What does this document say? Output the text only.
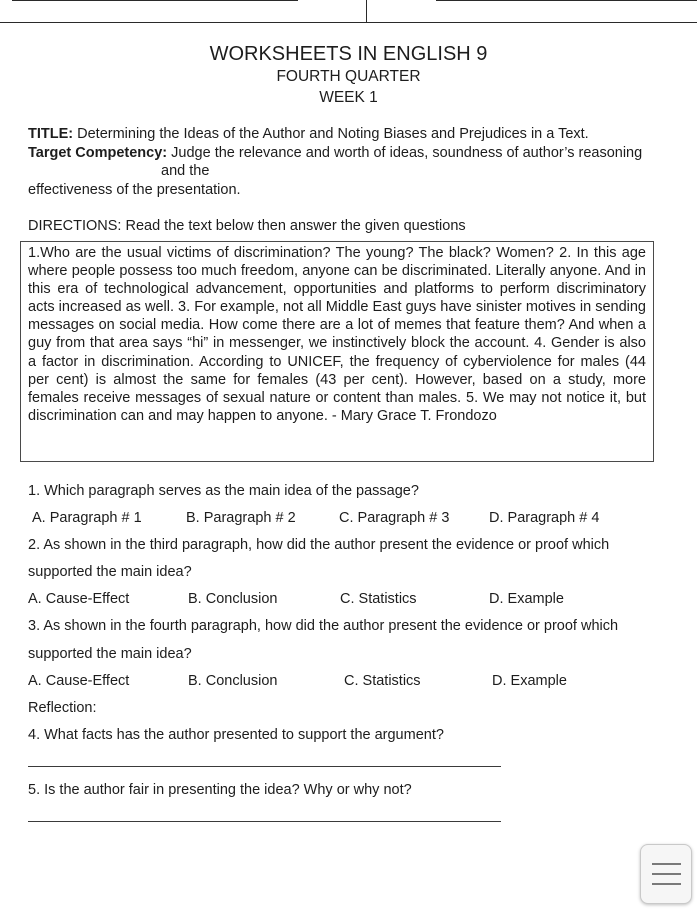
WORKSHEETS IN ENGLISH 9
FOURTH QUARTER
WEEK 1
TITLE: Determining the Ideas of the Author and Noting Biases and Prejudices in a Text.
Target Competency: Judge the relevance and worth of ideas, soundness of author’s reasoning
and the
effectiveness of the presentation.
DIRECTIONS: Read the text below then answer the given questions
1.Who are the usual victims of discrimination? The young? The black? Women? 2. In this age where people possess too much freedom, anyone can be discriminated. Literally anyone. And in this era of technological advancement, opportunities and platforms to perform discriminatory acts increased as well. 3. For example, not all Middle East guys have sinister motives in sending messages on social media. How come there are a lot of memes that feature them? And when a guy from that area says “hi” in messenger, we instinctively block the account. 4. Gender is also a factor in discrimination. According to UNICEF, the frequency of cyberviolence for males (44 per cent) is almost the same for females (43 per cent). However, based on a study, more females receive messages of sexual nature or content than males. 5. We may not notice it, but discrimination can and may happen to anyone. - Mary Grace T. Frondozo
1. Which paragraph serves as the main idea of the passage?
A. Paragraph # 1	B. Paragraph # 2	C. Paragraph # 3	D. Paragraph # 4
2. As shown in the third paragraph, how did the author present the evidence or proof which
supported the main idea?
A. Cause-Effect	B. Conclusion	C. Statistics	D. Example
3. As shown in the fourth paragraph, how did the author present the evidence or proof which
supported the main idea?
A. Cause-Effect	B. Conclusion	C. Statistics	D. Example
Reflection:
4. What facts has the author presented to support the argument?
5. Is the author fair in presenting the idea? Why or why not?
